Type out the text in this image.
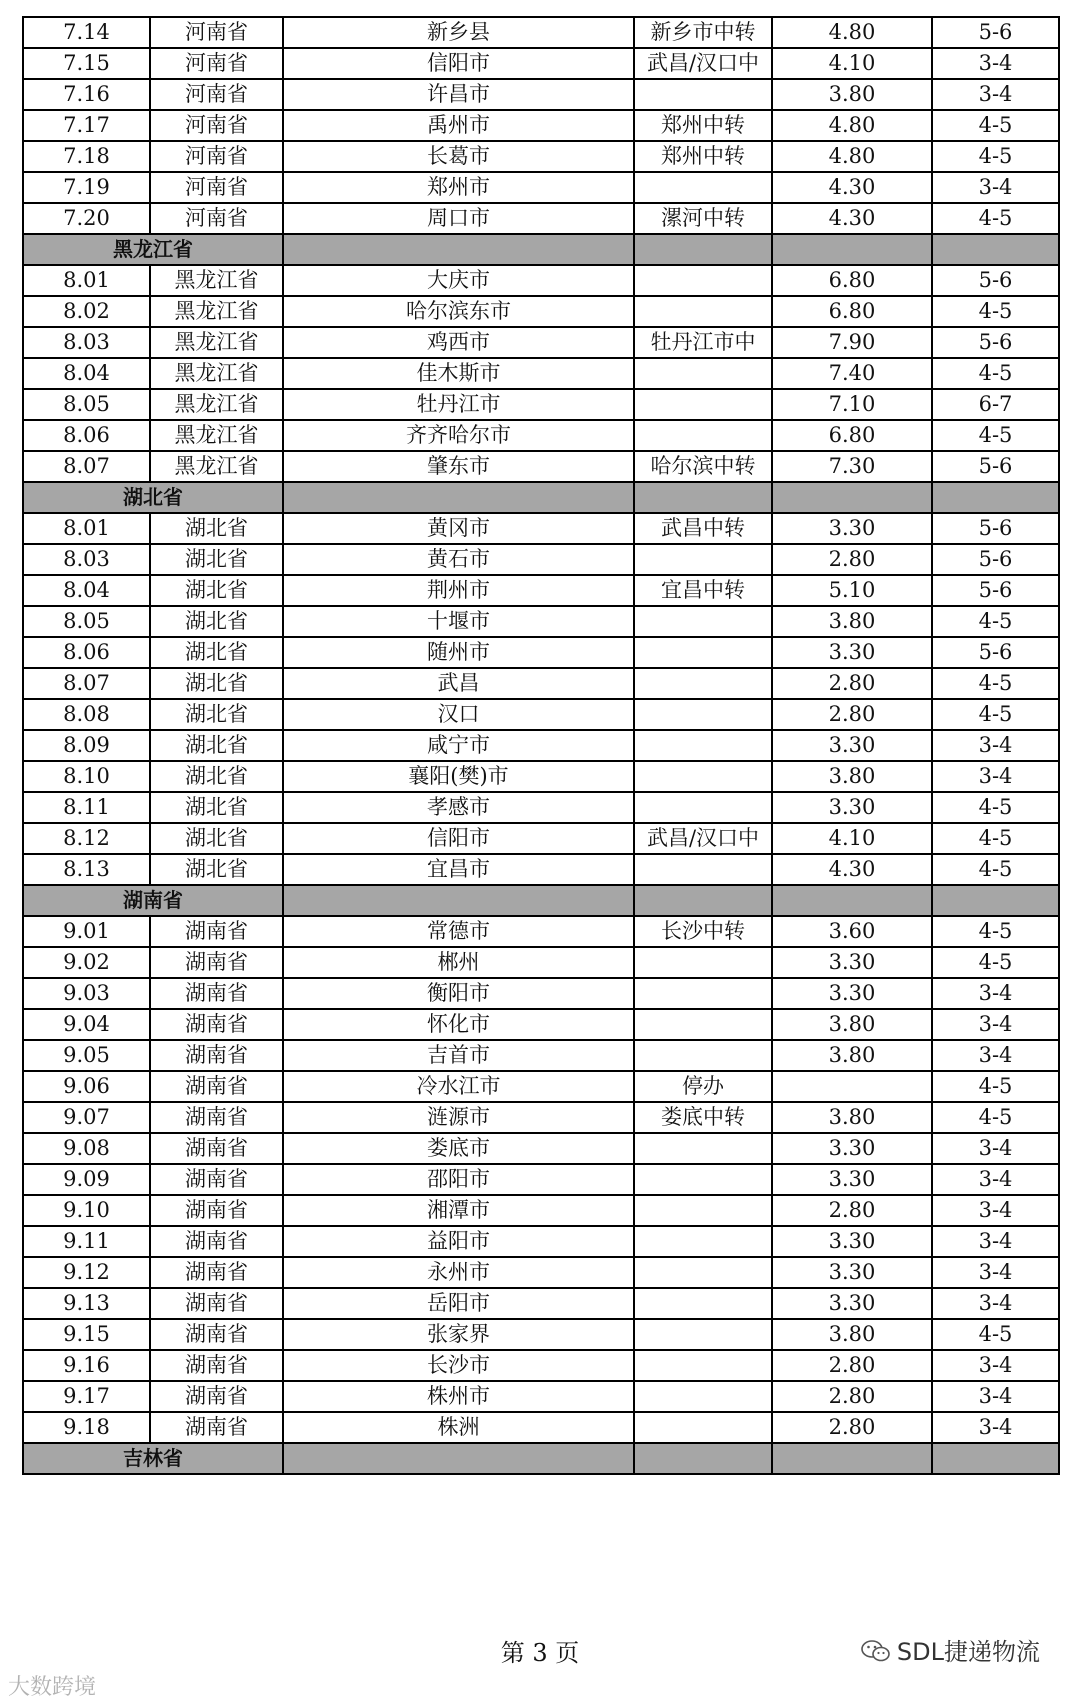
7.14	河南省	新乡县	新乡市中转	4.80	5-6
7.15	河南省	信阳市	武昌/汉口中	4.10	3-4
7.16	河南省	许昌市		3.80	3-4
7.17	河南省	禹州市	郑州中转	4.80	4-5
7.18	河南省	长葛市	郑州中转	4.80	4-5
7.19	河南省	郑州市		4.30	3-4
7.20	河南省	周口市	漯河中转	4.30	4-5
黑龙江省					
8.01	黑龙江省	大庆市		6.80	5-6
8.02	黑龙江省	哈尔滨东市		6.80	4-5
8.03	黑龙江省	鸡西市	牡丹江市中	7.90	5-6
8.04	黑龙江省	佳木斯市		7.40	4-5
8.05	黑龙江省	牡丹江市		7.10	6-7
8.06	黑龙江省	齐齐哈尔市		6.80	4-5
8.07	黑龙江省	肇东市	哈尔滨中转	7.30	5-6
湖北省					
8.01	湖北省	黄冈市	武昌中转	3.30	5-6
8.03	湖北省	黄石市		2.80	5-6
8.04	湖北省	荆州市	宜昌中转	5.10	5-6
8.05	湖北省	十堰市		3.80	4-5
8.06	湖北省	随州市		3.30	5-6
8.07	湖北省	武昌		2.80	4-5
8.08	湖北省	汉口		2.80	4-5
8.09	湖北省	咸宁市		3.30	3-4
8.10	湖北省	襄阳(樊)市		3.80	3-4
8.11	湖北省	孝感市		3.30	4-5
8.12	湖北省	信阳市	武昌/汉口中	4.10	4-5
8.13	湖北省	宜昌市		4.30	4-5
湖南省					
9.01	湖南省	常德市	长沙中转	3.60	4-5
9.02	湖南省	郴州		3.30	4-5
9.03	湖南省	衡阳市		3.30	3-4
9.04	湖南省	怀化市		3.80	3-4
9.05	湖南省	吉首市		3.80	3-4
9.06	湖南省	冷水江市	停办		4-5
9.07	湖南省	涟源市	娄底中转	3.80	4-5
9.08	湖南省	娄底市		3.30	3-4
9.09	湖南省	邵阳市		3.30	3-4
9.10	湖南省	湘潭市		2.80	3-4
9.11	湖南省	益阳市		3.30	3-4
9.12	湖南省	永州市		3.30	3-4
9.13	湖南省	岳阳市		3.30	3-4
9.15	湖南省	张家界		3.80	4-5
9.16	湖南省	长沙市		2.80	3-4
9.17	湖南省	株州市		2.80	3-4
9.18	湖南省	株洲		2.80	3-4
吉林省					
第 3 页	SDL捷递物流
大数跨境
